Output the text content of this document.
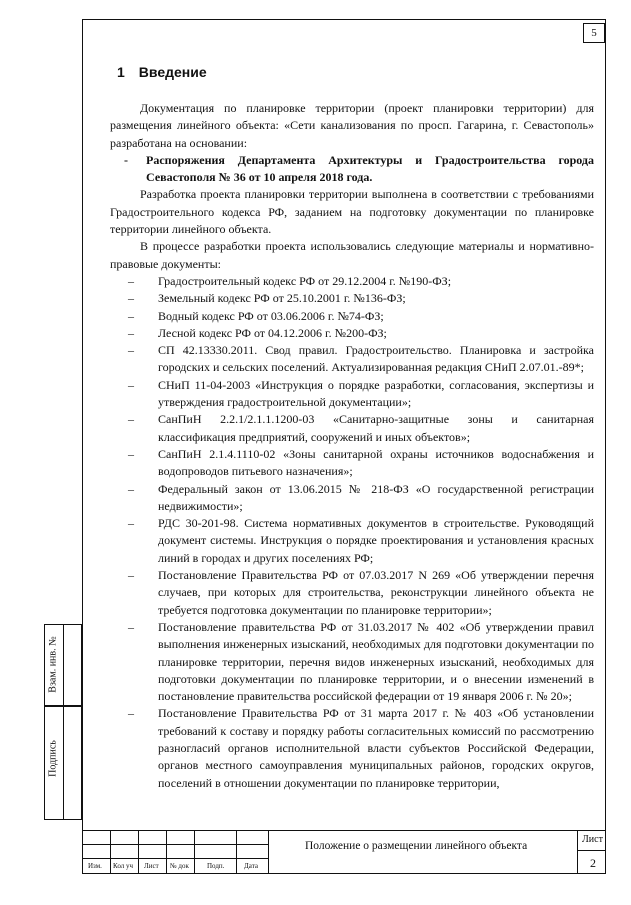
5
Взам. инв. №
Подпись
1 Введение

Документация по планировке территории (проект планировки территории) для размещения линейного объекта: «Сети канализования по просп. Гагарина, г. Севастополь» разработана на основании:

- Распоряжения Департамента Архитектуры и Градостроительства города Севастополя № 36 от 10 апреля 2018 года.

Разработка проекта планировки территории выполнена в соответствии с требованиями Градостроительного кодекса РФ, заданием на подготовку документации по планировке территории линейного объекта.

В процессе разработки проекта использовались следующие материалы и нормативно-правовые документы:

– Градостроительный кодекс РФ от 29.12.2004 г. №190-ФЗ;
– Земельный кодекс РФ от 25.10.2001 г. №136-ФЗ;
– Водный кодекс РФ от 03.06.2006 г. №74-ФЗ;
– Лесной кодекс РФ от 04.12.2006 г. №200-ФЗ;
– СП 42.13330.2011. Свод правил. Градостроительство. Планировка и застройка городских и сельских поселений. Актуализированная редакция СНиП 2.07.01.-89*;
– СНиП 11-04-2003 «Инструкция о порядке разработки, согласования, экспертизы и утверждения градостроительной документации»;
– СанПиН 2.2.1/2.1.1.1200-03 «Санитарно-защитные зоны и санитарная классификация предприятий, сооружений и иных объектов»;
– СанПиН 2.1.4.1110-02 «Зоны санитарной охраны источников водоснабжения и водопроводов питьевого назначения»;
– Федеральный закон от 13.06.2015 № 218-ФЗ «О государственной регистрации недвижимости»;
– РДС 30-201-98. Система нормативных документов в строительстве. Руководящий документ системы. Инструкция о порядке проектирования и установления красных линий в городах и других поселениях РФ;
– Постановление Правительства РФ от 07.03.2017 N 269 «Об утверждении перечня случаев, при которых для строительства, реконструкции линейного объекта не требуется подготовка документации по планировке территории»;
– Постановление правительства РФ от 31.03.2017 № 402 «Об утверждении правил выполнения инженерных изысканий, необходимых для подготовки документации по планировке территории, перечня видов инженерных изысканий, необходимых для подготовки документации по планировке территории, и о внесении изменений в постановление правительства российской федерации от 19 января 2006 г. № 20»;
– Постановление Правительства РФ от 31 марта 2017 г. № 403 «Об установлении требований к составу и порядку работы согласительных комиссий по рассмотрению разногласий органов исполнительной власти субъектов Российской Федерации, органов местного самоуправления муниципальных районов, городских округов, поселений в отношении документации по планировке территории,
Изм. Кол уч Лист № док	Подп.	Дата
Положение о размещении линейного объекта
Лист
2
